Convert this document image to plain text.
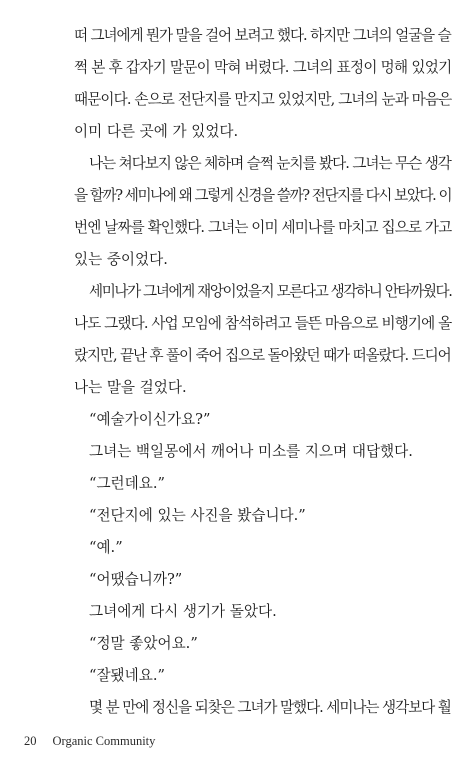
떠 그녀에게 뭔가 말을 걸어 보려고 했다. 하지만 그녀의 얼굴을 슬
쩍 본 후 갑자기 말문이 막혀 버렸다. 그녀의 표정이 멍해 있었기
때문이다. 손으로 전단지를 만지고 있었지만, 그녀의 눈과 마음은
이미 다른 곳에 가 있었다.
나는 쳐다보지 않은 체하며 슬쩍 눈치를 봤다. 그녀는 무슨 생각
을 할까? 세미나에 왜 그렇게 신경을 쓸까? 전단지를 다시 보았다. 이
번엔 날짜를 확인했다. 그녀는 이미 세미나를 마치고 집으로 가고
있는 중이었다.
세미나가 그녀에게 재앙이었을지 모른다고 생각하니 안타까웠다.
나도 그랬다. 사업 모임에 참석하려고 들뜬 마음으로 비행기에 올
랐지만, 끝난 후 풀이 죽어 집으로 돌아왔던 때가 떠올랐다. 드디어
나는 말을 걸었다.
“예술가이신가요?”
그녀는 백일몽에서 깨어나 미소를 지으며 대답했다.
“그런데요.”
“전단지에 있는 사진을 봤습니다.”
“예.”
“어땠습니까?”
그녀에게 다시 생기가 돌았다.
“정말 좋았어요.”
“잘됐네요.”
몇 분 만에 정신을 되찾은 그녀가 말했다. 세미나는 생각보다 훨
20 Organic Community
